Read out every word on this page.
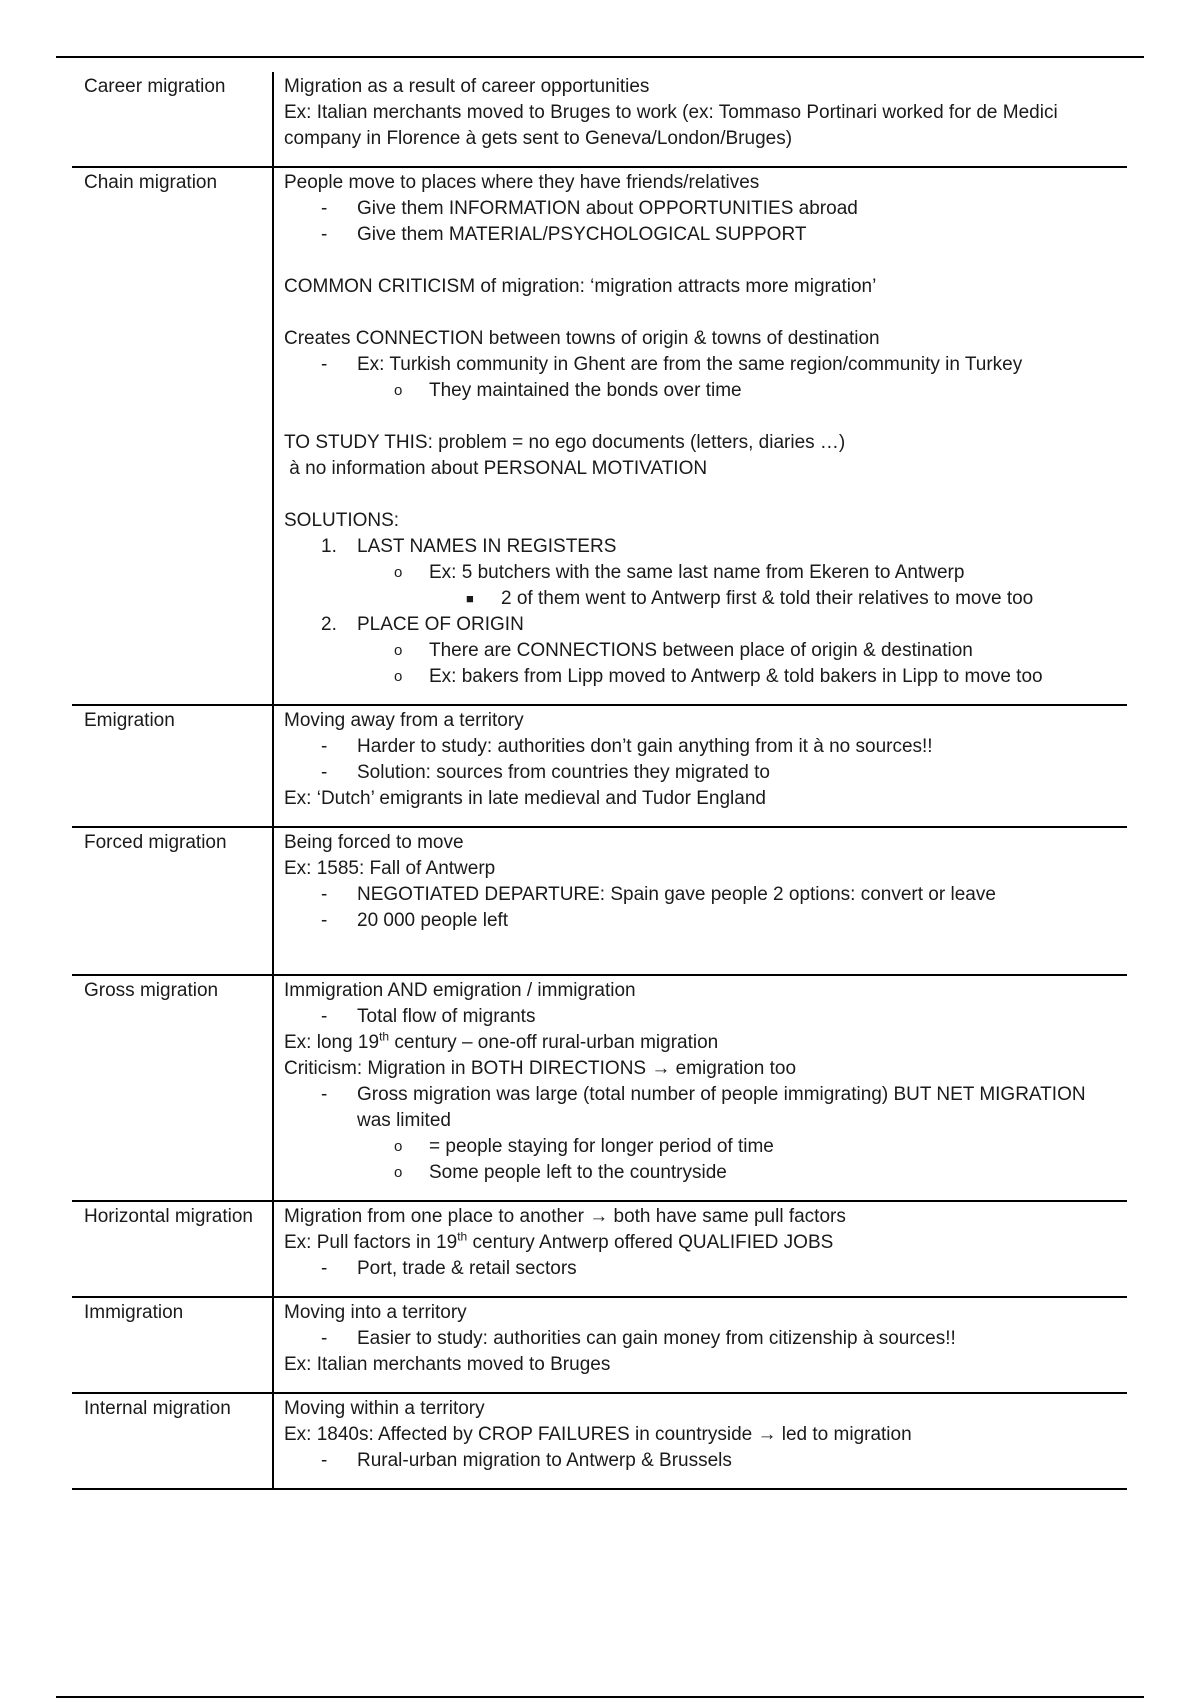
Career migration	Migration as a result of career opportunities
Ex: Italian merchants moved to Bruges to work (ex: Tommaso Portinari worked for de Medici company in Florence à gets sent to Geneva/London/Bruges)
Chain migration	People move to places where they have friends/relatives
- Give them INFORMATION about OPPORTUNITIES abroad
- Give them MATERIAL/PSYCHOLOGICAL SUPPORT
COMMON CRITICISM of migration: ‘migration attracts more migration’
Creates CONNECTION between towns of origin & towns of destination
- Ex: Turkish community in Ghent are from the same region/community in Turkey
o They maintained the bonds over time
TO STUDY THIS: problem = no ego documents (letters, diaries …)
à no information about PERSONAL MOTIVATION
SOLUTIONS:
1. LAST NAMES IN REGISTERS
o Ex: 5 butchers with the same last name from Ekeren to Antwerp
■ 2 of them went to Antwerp first & told their relatives to move too
2. PLACE OF ORIGIN
o There are CONNECTIONS between place of origin & destination
o Ex: bakers from Lipp moved to Antwerp & told bakers in Lipp to move too
Emigration	Moving away from a territory
- Harder to study: authorities don’t gain anything from it à no sources!!
- Solution: sources from countries they migrated to
Ex: ‘Dutch’ emigrants in late medieval and Tudor England
Forced migration	Being forced to move
Ex: 1585: Fall of Antwerp
- NEGOTIATED DEPARTURE: Spain gave people 2 options: convert or leave
- 20 000 people left
Gross migration	Immigration AND emigration / immigration
- Total flow of migrants
Ex: long 19th century – one-off rural-urban migration
Criticism: Migration in BOTH DIRECTIONS → emigration too
- Gross migration was large (total number of people immigrating) BUT NET MIGRATION was limited
o = people staying for longer period of time
o Some people left to the countryside
Horizontal migration	Migration from one place to another → both have same pull factors
Ex: Pull factors in 19th century Antwerp offered QUALIFIED JOBS
- Port, trade & retail sectors
Immigration	Moving into a territory
- Easier to study: authorities can gain money from citizenship à sources!!
Ex: Italian merchants moved to Bruges
Internal migration	Moving within a territory
Ex: 1840s: Affected by CROP FAILURES in countryside → led to migration
- Rural-urban migration to Antwerp & Brussels
